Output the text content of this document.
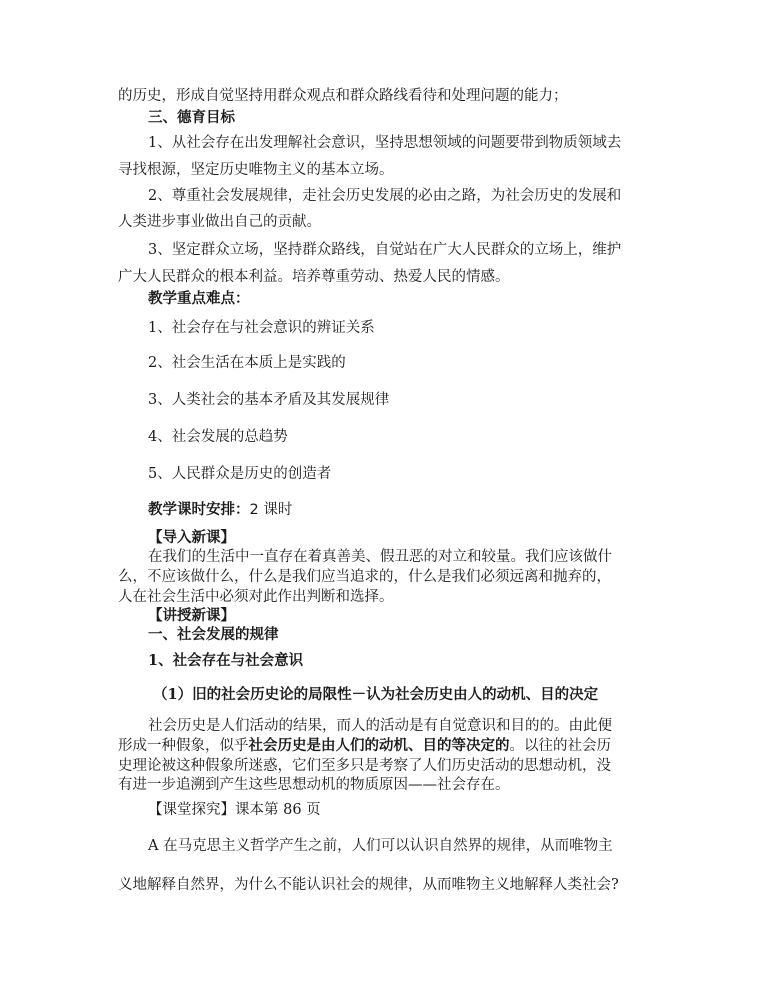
的历史，形成自觉坚持用群众观点和群众路线看待和处理问题的能力；
三、德育目标
1、从社会存在出发理解社会意识，坚持思想领域的问题要带到物质领域去
寻找根源，坚定历史唯物主义的基本立场。
2、尊重社会发展规律，走社会历史发展的必由之路，为社会历史的发展和
人类进步事业做出自己的贡献。
3、坚定群众立场，坚持群众路线，自觉站在广大人民群众的立场上，维护
广大人民群众的根本利益。培养尊重劳动、热爱人民的情感。
教学重点难点：
1、社会存在与社会意识的辨证关系
2、社会生活在本质上是实践的
3、人类社会的基本矛盾及其发展规律
4、社会发展的总趋势
5、人民群众是历史的创造者
教学课时安排：2 课时
【导入新课】
在我们的生活中一直存在着真善美、假丑恶的对立和较量。我们应该做什
么，不应该做什么，什么是我们应当追求的，什么是我们必须远离和抛弃的，
人在社会生活中必须对此作出判断和选择。
【讲授新课】
一、社会发展的规律
1、社会存在与社会意识
（1）旧的社会历史论的局限性－认为社会历史由人的动机、目的决定
社会历史是人们活动的结果，而人的活动是有自觉意识和目的的。由此便
形成一种假象，似乎社会历史是由人们的动机、目的等决定的。以往的社会历
史理论被这种假象所迷惑，它们至多只是考察了人们历史活动的思想动机，没
有进一步追溯到产生这些思想动机的物质原因——社会存在。
【课堂探究】课本第 86 页
A 在马克思主义哲学产生之前，人们可以认识自然界的规律，从而唯物主
义地解释自然界，为什么不能认识社会的规律，从而唯物主义地解释人类社会?
